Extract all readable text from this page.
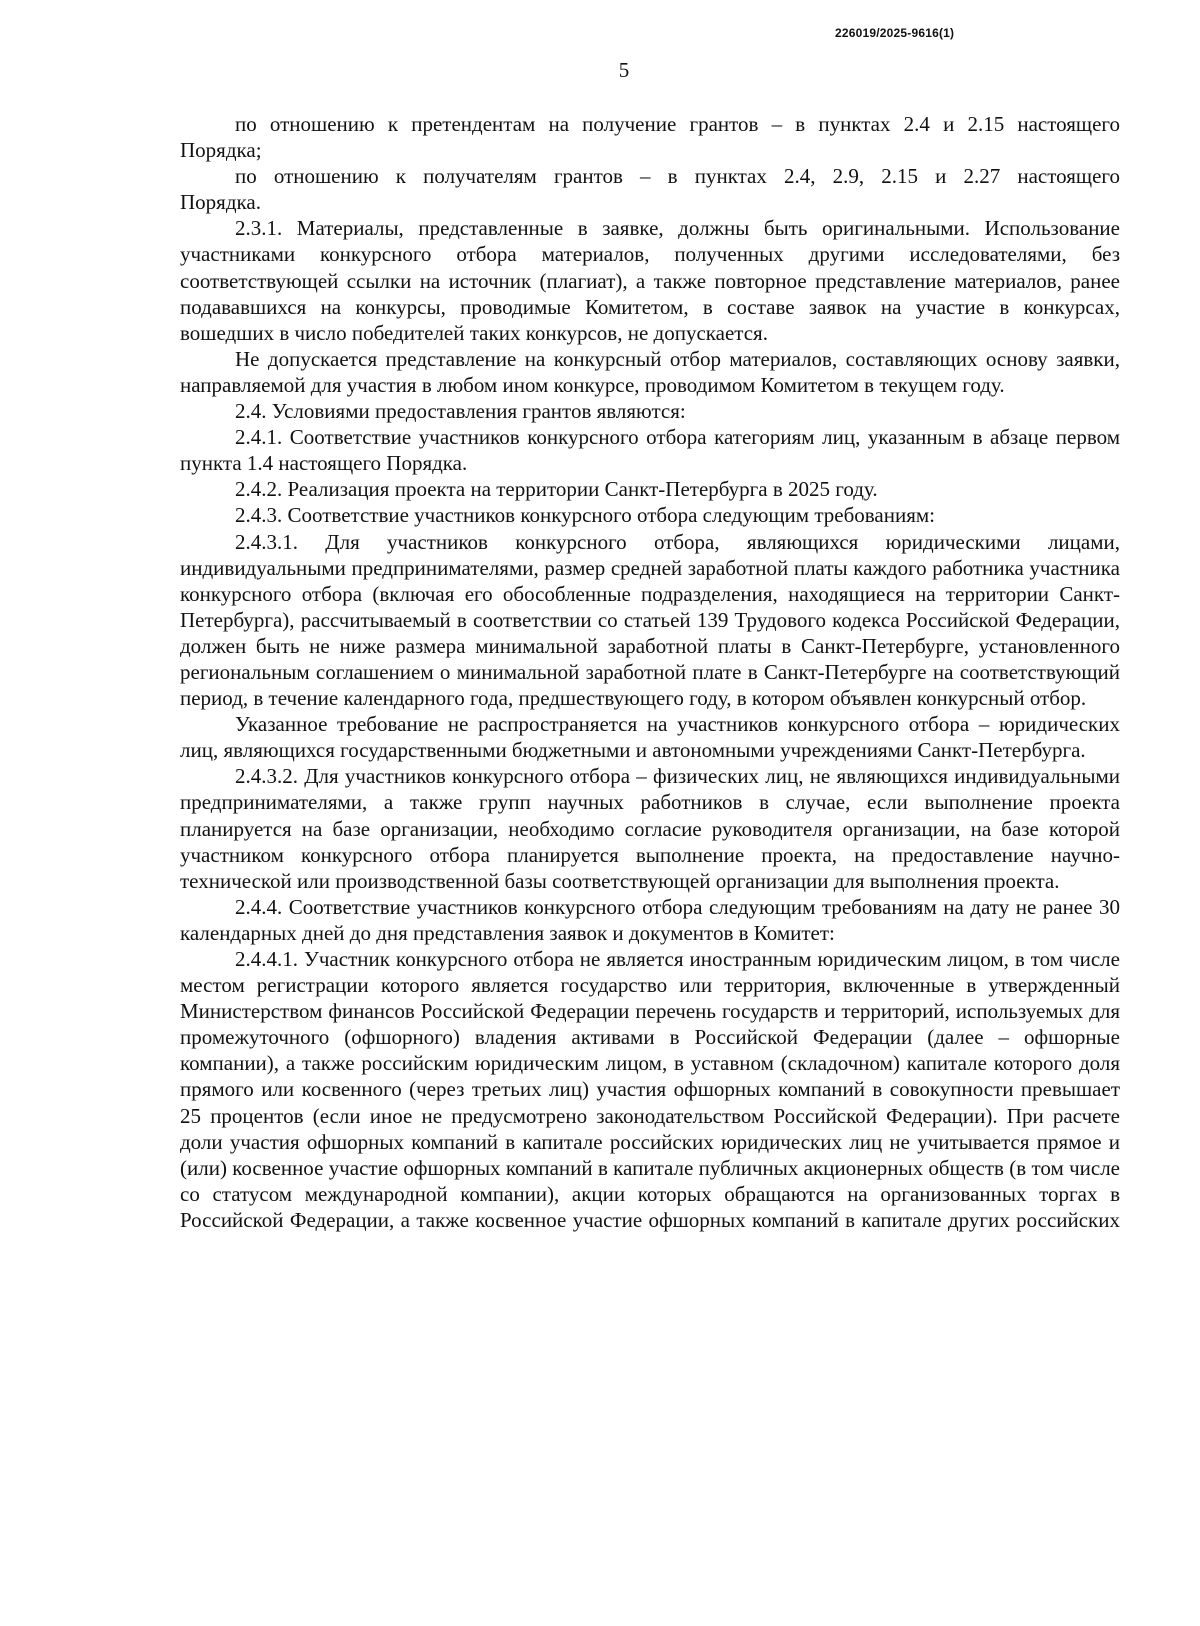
226019/2025-9616(1)
5

по отношению к претендентам на получение грантов – в пунктах 2.4 и 2.15 настоящего

Порядка;

по отношению к получателям грантов – в пунктах 2.4, 2.9, 2.15 и 2.27 настоящего

Порядка.

2.3.1. Материалы, представленные в заявке, должны быть оригинальными. Использование участниками конкурсного отбора материалов, полученных другими исследователями, без соответствующей ссылки на источник (плагиат), а также повторное представление материалов, ранее подававшихся на конкурсы, проводимые Комитетом, в составе заявок на участие в конкурсах, вошедших в число победителей таких конкурсов, не допускается.

Не допускается представление на конкурсный отбор материалов, составляющих основу заявки, направляемой для участия в любом ином конкурсе, проводимом Комитетом в текущем году.

2.4. Условиями предоставления грантов являются:

2.4.1. Соответствие участников конкурсного отбора категориям лиц, указанным в абзаце первом пункта 1.4 настоящего Порядка.

2.4.2. Реализация проекта на территории Санкт-Петербурга в 2025 году.

2.4.3. Соответствие участников конкурсного отбора следующим требованиям:

2.4.3.1. Для участников конкурсного отбора, являющихся юридическими лицами, индивидуальными предпринимателями, размер средней заработной платы каждого работника участника конкурсного отбора (включая его обособленные подразделения, находящиеся на территории Санкт-Петербурга), рассчитываемый в соответствии со статьей 139 Трудового кодекса Российской Федерации, должен быть не ниже размера минимальной заработной платы в Санкт-Петербурге, установленного региональным соглашением о минимальной заработной плате в Санкт-Петербурге на соответствующий период, в течение календарного года, предшествующего году, в котором объявлен конкурсный отбор.

Указанное требование не распространяется на участников конкурсного отбора – юридических лиц, являющихся государственными бюджетными и автономными учреждениями Санкт-Петербурга.

2.4.3.2. Для участников конкурсного отбора – физических лиц, не являющихся индивидуальными предпринимателями, а также групп научных работников в случае, если выполнение проекта планируется на базе организации, необходимо согласие руководителя организации, на базе которой участником конкурсного отбора планируется выполнение проекта, на предоставление научно-технической или производственной базы соответствующей организации для выполнения проекта.

2.4.4. Соответствие участников конкурсного отбора следующим требованиям на дату не ранее 30 календарных дней до дня представления заявок и документов в Комитет:

2.4.4.1. Участник конкурсного отбора не является иностранным юридическим лицом, в том числе местом регистрации которого является государство или территория, включенные в утвержденный Министерством финансов Российской Федерации перечень государств и территорий, используемых для промежуточного (офшорного) владения активами в Российской Федерации (далее – офшорные компании), а также российским юридическим лицом, в уставном (складочном) капитале которого доля прямого или косвенного (через третьих лиц) участия офшорных компаний в совокупности превышает 25 процентов (если иное не предусмотрено законодательством Российской Федерации). При расчете доли участия офшорных компаний в капитале российских юридических лиц не учитывается прямое и (или) косвенное участие офшорных компаний в капитале публичных акционерных обществ (в том числе со статусом международной компании), акции которых обращаются на организованных торгах в Российской Федерации, а также косвенное участие офшорных компаний в капитале других российских
